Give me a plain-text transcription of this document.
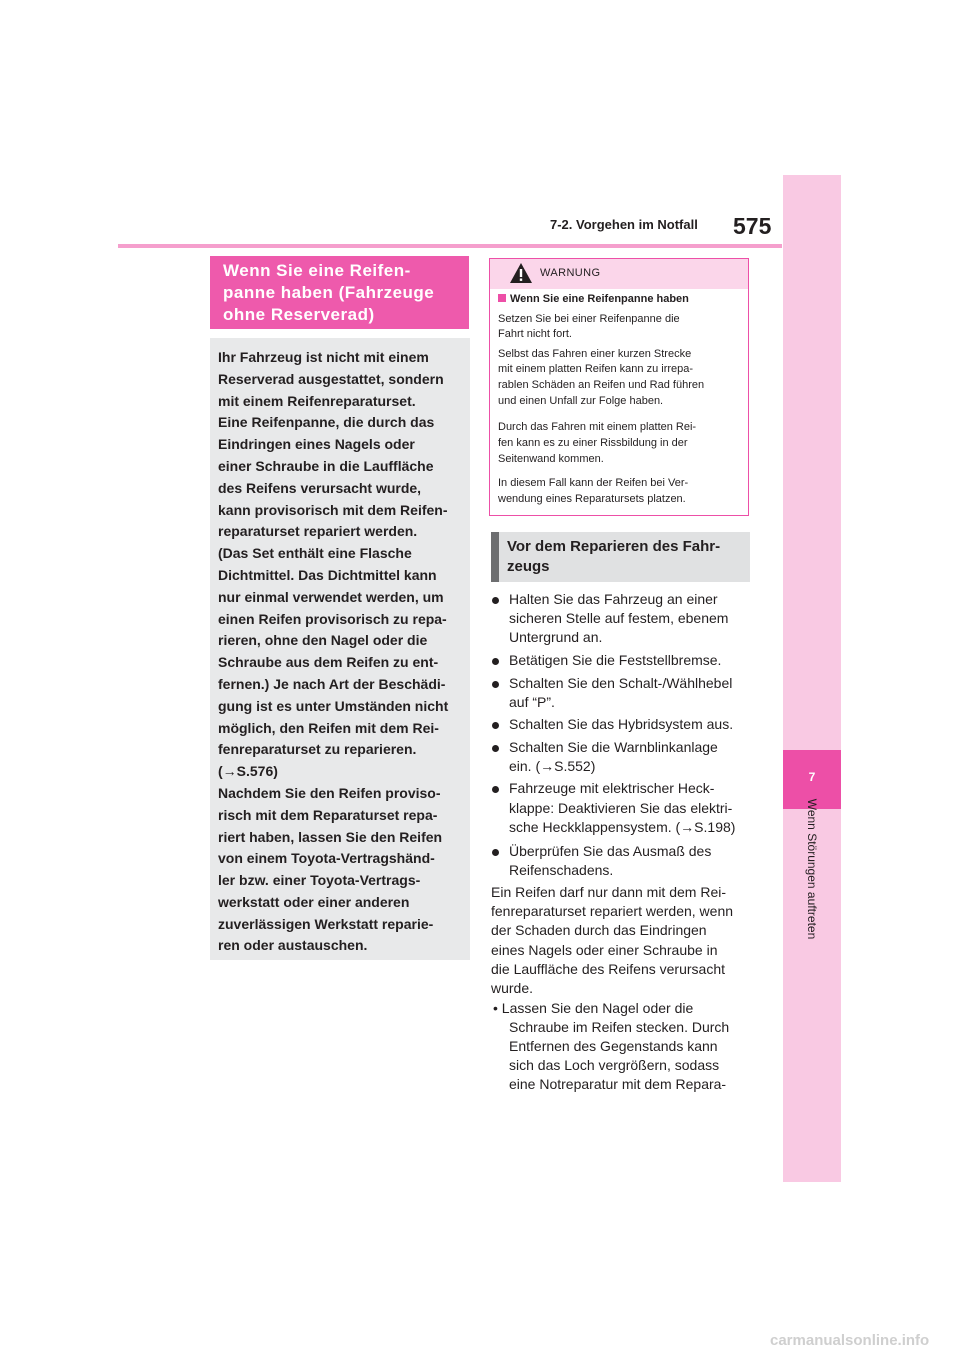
7-2. Vorgehen im Notfall 575
7
Wenn Störungen auftreten
Wenn Sie eine Reifen-
panne haben (Fahrzeuge
ohne Reserverad)
Ihr Fahrzeug ist nicht mit einem
Reserverad ausgestattet, sondern
mit einem Reifenreparaturset.
Eine Reifenpanne, die durch das
Eindringen eines Nagels oder
einer Schraube in die Lauffläche
des Reifens verursacht wurde,
kann provisorisch mit dem Reifen-
reparaturset repariert werden.
(Das Set enthält eine Flasche
Dichtmittel. Das Dichtmittel kann
nur einmal verwendet werden, um
einen Reifen provisorisch zu repa-
rieren, ohne den Nagel oder die
Schraube aus dem Reifen zu ent-
fernen.) Je nach Art der Beschädi-
gung ist es unter Umständen nicht
möglich, den Reifen mit dem Rei-
fenreparaturset zu reparieren.
(→S.576)
Nachdem Sie den Reifen proviso-
risch mit dem Reparaturset repa-
riert haben, lassen Sie den Reifen
von einem Toyota-Vertragshänd-
ler bzw. einer Toyota-Vertrags-
werkstatt oder einer anderen
zuverlässigen Werkstatt reparie-
ren oder austauschen.
WARNUNG
Wenn Sie eine Reifenpanne haben
Setzen Sie bei einer Reifenpanne die
Fahrt nicht fort.
Selbst das Fahren einer kurzen Strecke
mit einem platten Reifen kann zu irrepa-
rablen Schäden an Reifen und Rad führen
und einen Unfall zur Folge haben.
Durch das Fahren mit einem platten Rei-
fen kann es zu einer Rissbildung in der
Seitenwand kommen.
In diesem Fall kann der Reifen bei Ver-
wendung eines Reparatursets platzen.
Vor dem Reparieren des Fahr-
zeugs
Halten Sie das Fahrzeug an einer
sicheren Stelle auf festem, ebenem
Untergrund an.
Betätigen Sie die Feststellbremse.
Schalten Sie den Schalt-/Wählhebel
auf “P”.
Schalten Sie das Hybridsystem aus.
Schalten Sie die Warnblinkanlage
ein. (→S.552)
Fahrzeuge mit elektrischer Heck-
klappe: Deaktivieren Sie das elektri-
sche Heckklappensystem. (→S.198)
Überprüfen Sie das Ausmaß des
Reifenschadens.
Ein Reifen darf nur dann mit dem Rei-
fenreparaturset repariert werden, wenn
der Schaden durch das Eindringen
eines Nagels oder einer Schraube in
die Lauffläche des Reifens verursacht
wurde.
• Lassen Sie den Nagel oder die
Schraube im Reifen stecken. Durch
Entfernen des Gegenstands kann
sich das Loch vergrößern, sodass
eine Notreparatur mit dem Repara-
carmanualsonline.info
